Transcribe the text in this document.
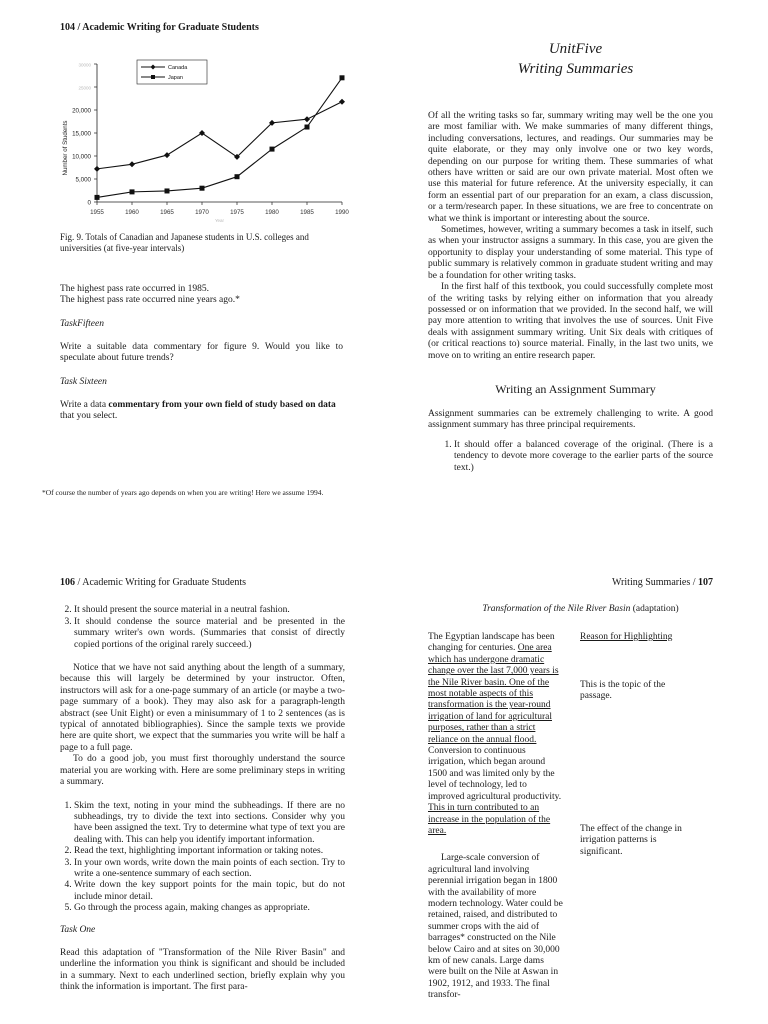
104 / Academic Writing for Graduate Students
0
5,000
10,000
15,000
20,000
25000
30000
1955	1960	1965	1970	1975	1980	1985	1990
Number of Students
Year
Canada
Japan

Fig. 9. Totals of Canadian and Japanese students in U.S. colleges and universities (at five-year intervals)

The highest pass rate occurred in 1985.
The highest pass rate occurred nine years ago.*
TaskFifteen

Write a suitable data commentary for figure 9. Would you like to speculate about future trends?

Task Sixteen

Write a data commentary from your own field of study based on data that you select.

*Of course the number of years ago depends on when you are writing! Here we assume 1994.

UnitFive
Writing Summaries

Of all the writing tasks so far, summary writing may well be the one you are most familiar with. We make summaries of many different things, including conversations, lectures, and readings. Our summaries may be quite elaborate, or they may only involve one or two key words, depending on our purpose for writing them. These summaries of what others have written or said are our own private material. Most often we use this material for future reference. At the university especially, it can form an essential part of our preparation for an exam, a class discussion, or a term/research paper. In these situations, we are free to concentrate on what we think is important or interesting about the source.

Sometimes, however, writing a summary becomes a task in itself, such as when your instructor assigns a summary. In this case, you are given the opportunity to display your understanding of some material. This type of public summary is relatively common in graduate student writing and may be a foundation for other writing tasks.

In the first half of this textbook, you could successfully complete most of the writing tasks by relying either on information that you already possessed or on information that we provided. In the second half, we will pay more attention to writing that involves the use of sources. Unit Five deals with assignment summary writing. Unit Six deals with critiques of (or critical reactions to) source material. Finally, in the last two units, we move on to writing an entire research paper.

Writing an Assignment Summary

Assignment summaries can be extremely challenging to write. A good assignment summary has three principal requirements.

1. It should offer a balanced coverage of the original. (There is a tendency to devote more coverage to the earlier parts of the source text.)
106 / Academic Writing for Graduate Students
2. It should present the source material in a neutral fashion.
3. It should condense the source material and be presented in the summary writer's own words. (Summaries that consist of directly copied portions of the original rarely succeed.)

Notice that we have not said anything about the length of a summary, because this will largely be determined by your instructor. Often, instructors will ask for a one-page summary of an article (or maybe a two-page summary of a book). They may also ask for a paragraph-length abstract (see Unit Eight) or even a minisummary of 1 to 2 sentences (as is typical of annotated bibliographies). Since the sample texts we provide here are quite short, we expect that the summaries you write will be half a page to a full page.

To do a good job, you must first thoroughly understand the source material you are working with. Here are some preliminary steps in writing a summary.

1. Skim the text, noting in your mind the subheadings. If there are no subheadings, try to divide the text into sections. Consider why you have been assigned the text. Try to determine what type of text you are dealing with. This can help you identify important information.
2. Read the text, highlighting important information or taking notes.
3. In your own words, write down the main points of each section. Try to write a one-sentence summary of each section.
4. Write down the key support points for the main topic, but do not include minor detail.
5. Go through the process again, making changes as appropriate.
Task One

Read this adaptation of "Transformation of the Nile River Basin" and underline the information you think is significant and should be included in a summary. Next to each underlined section, briefly explain why you think the information is important. The first para-

Writing Summaries / 107
Transformation of the Nile River Basin (adaptation)

The Egyptian landscape has been changing for centuries. One area which has undergone dramatic change over the last 7,000 years is the Nile River basin. One of the most notable aspects of this transformation is the year-round irrigation of land for agricultural purposes, rather than a strict reliance on the annual flood. Conversion to continuous irrigation, which began around 1500 and was limited only by the level of technology, led to improved agricultural productivity. This in turn contributed to an increase in the population of the area.

Large-scale conversion of agricultural land involving perennial irrigation began in 1800 with the availability of more modern technology. Water could be retained, raised, and distributed to summer crops with the aid of barrages* constructed on the Nile below Cairo and at sites on 30,000 km of new canals. Large dams were built on the Nile at Aswan in 1902, 1912, and 1933. The final transfor-

Reason for Highlighting

This is the topic of the passage.

The effect of the change in irrigation patterns is significant.
